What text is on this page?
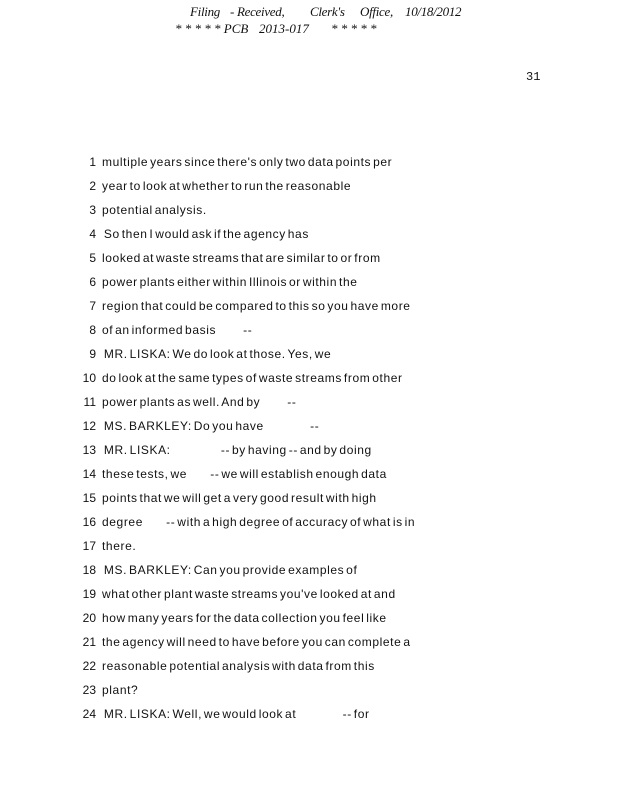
Filing

- Received,

Clerk's

Office,

10/18/2012

* * * * * PCB 2013-017 * * * * *
31
1 multiple years since there's only two data points per
2 year to look at whether to run the reasonable
3 potential analysis.
4 So then I would ask if the agency has
5 looked at waste streams that are similar to or from
6 power plants either within Illinois or within the
7 region that could be compared to this so you have more
8 of an informed basis              --
9 MR. LISKA: We do look at those. Yes, we
10 do look at the same types of waste streams from other
11 power plants as well. And by              --
12 MS. BARKLEY: Do you have                        --
13 MR. LISKA:                          -- by having -- and by doing
14 these tests, we            -- we will establish enough data
15 points that we will get a very good result with high
16 degree            -- with a high degree of accuracy of what is in
17 there.
18 MS. BARKLEY: Can you provide examples of
19 what other plant waste streams you've looked at and
20 how many years for the data collection you feel like
21 the agency will need to have before you can complete a
22 reasonable potential analysis with data from this
23 plant?
24 MR. LISKA: Well, we would look at                        -- for
